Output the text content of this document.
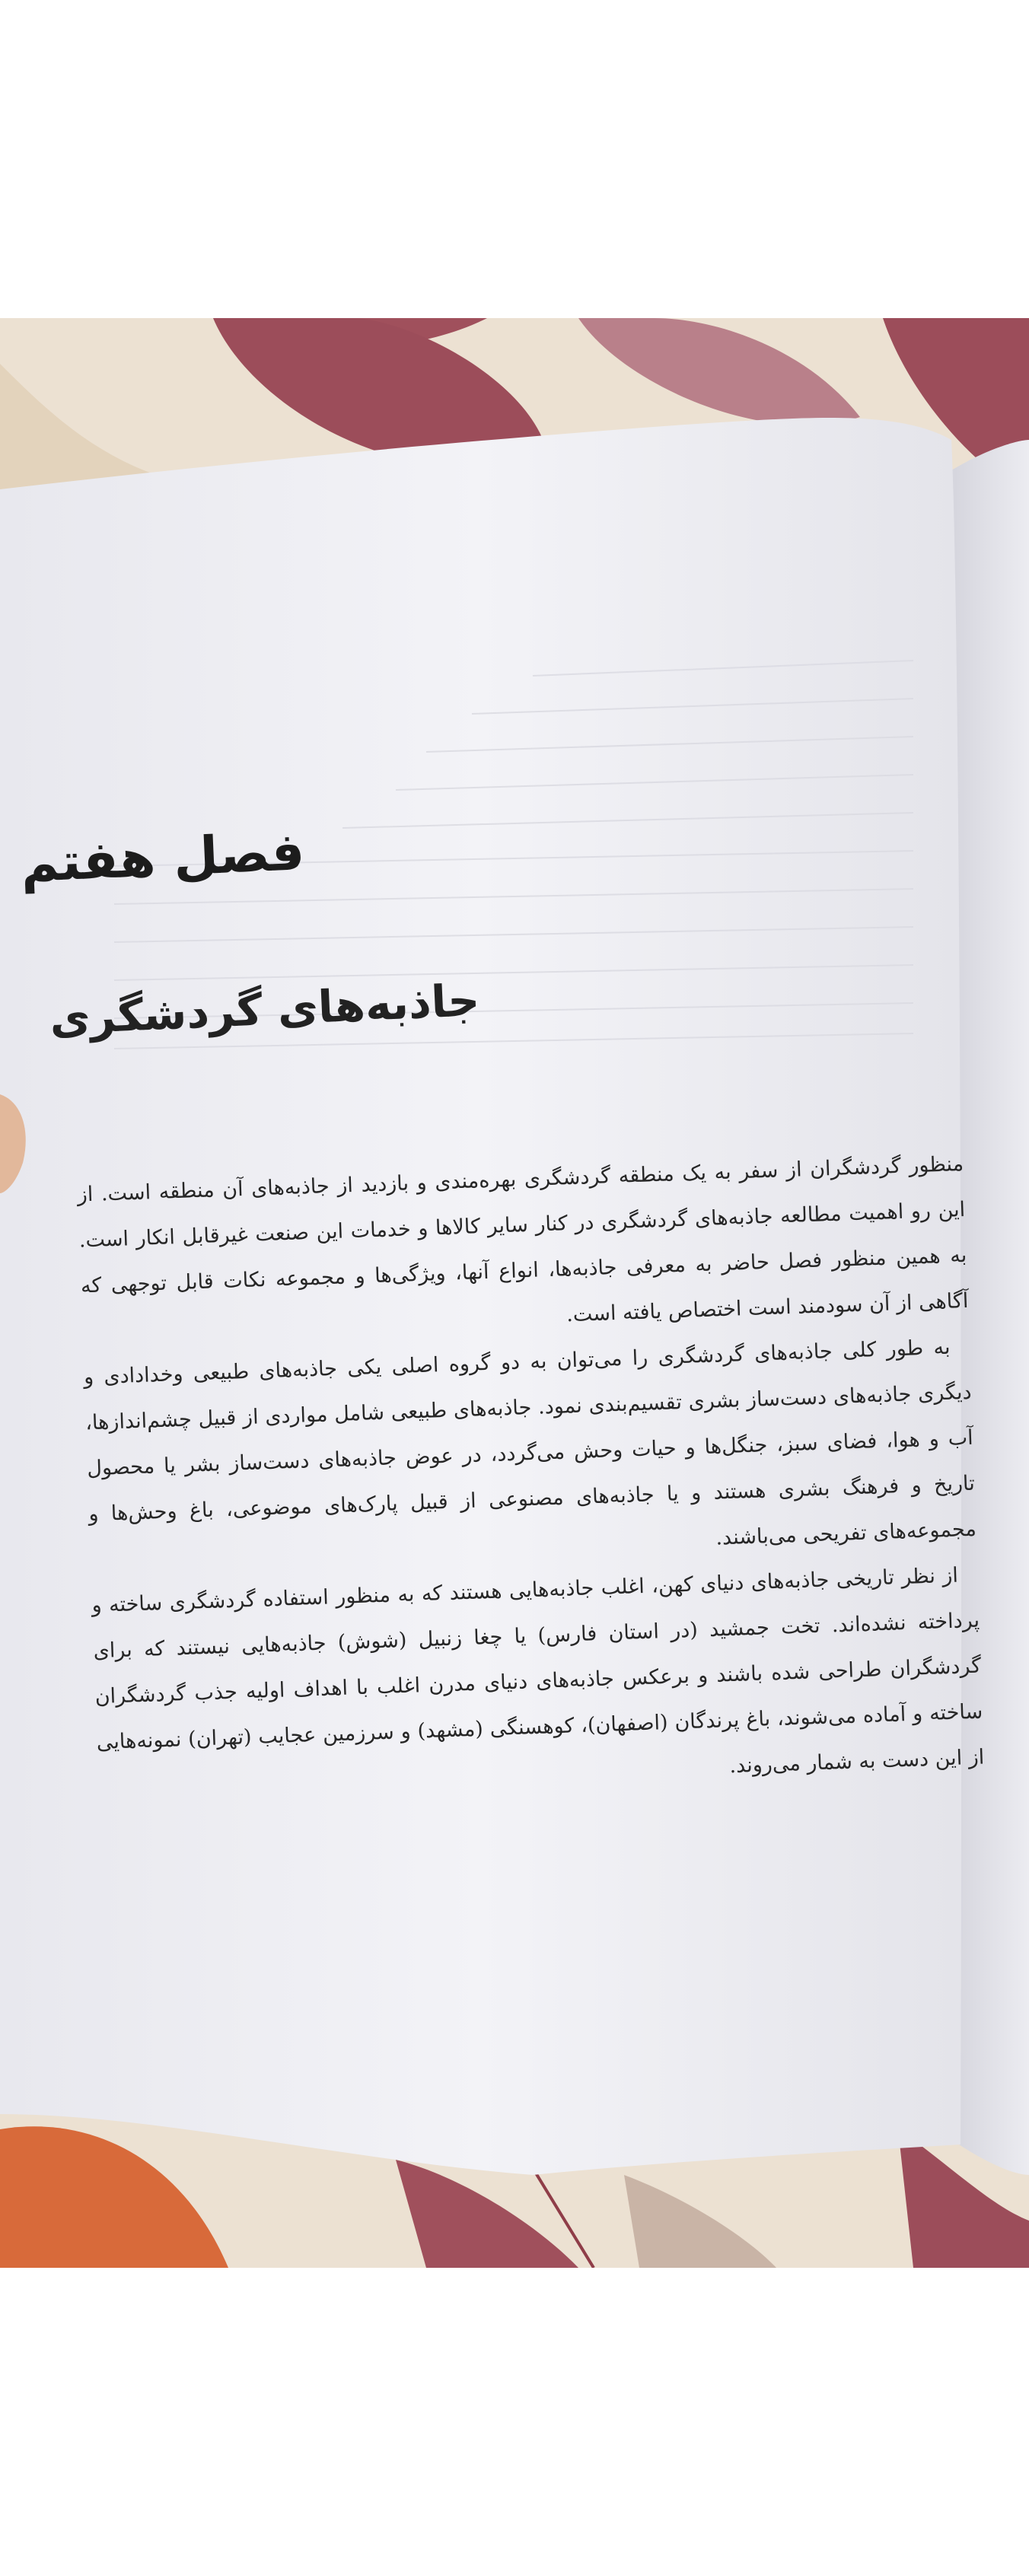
فصل هفتم
جاذبه‌های گردشگری

منظور گردشگران از سفر به یک منطقه گردشگری بهره‌مندی و بازدید از جاذبه‌های آن منطقه است. از این رو اهمیت مطالعه جاذبه‌های گردشگری در کنار سایر کالاها و خدمات این صنعت غیرقابل انکار است. به همین منظور فصل حاضر به معرفی جاذبه‌ها، انواع آنها، ویژگی‌ها و مجموعه نکات قابل توجهی که آگاهی از آن سودمند است اختصاص یافته است.

به طور کلی جاذبه‌های گردشگری را می‌توان به دو گروه اصلی یکی جاذبه‌های طبیعی وخدادادی و دیگری جاذبه‌های دست‌ساز بشری تقسیم‌بندی نمود. جاذبه‌های طبیعی شامل مواردی از قبیل چشم‌اندازها، آب و هوا، فضای سبز، جنگل‌ها و حیات وحش می‌گردد، در عوض جاذبه‌های دست‌ساز بشر یا محصول تاریخ و فرهنگ بشری هستند و یا جاذبه‌های مصنوعی از قبیل پارک‌های موضوعی، باغ وحش‌ها و مجموعه‌های تفریحی می‌باشند.

از نظر تاریخی جاذبه‌های دنیای کهن، اغلب جاذبه‌هایی هستند که به منظور استفاده گردشگری ساخته و پرداخته نشده‌اند. تخت جمشید (در استان فارس) یا چغا زنبیل (شوش) جاذبه‌هایی نیستند که برای گردشگران طراحی شده باشند و برعکس جاذبه‌های دنیای مدرن اغلب با اهداف اولیه جذب گردشگران ساخته و آماده می‌شوند، باغ پرندگان (اصفهان)، کوهسنگی (مشهد) و سرزمین عجایب (تهران) نمونه‌هایی از این دست به شمار می‌روند.
